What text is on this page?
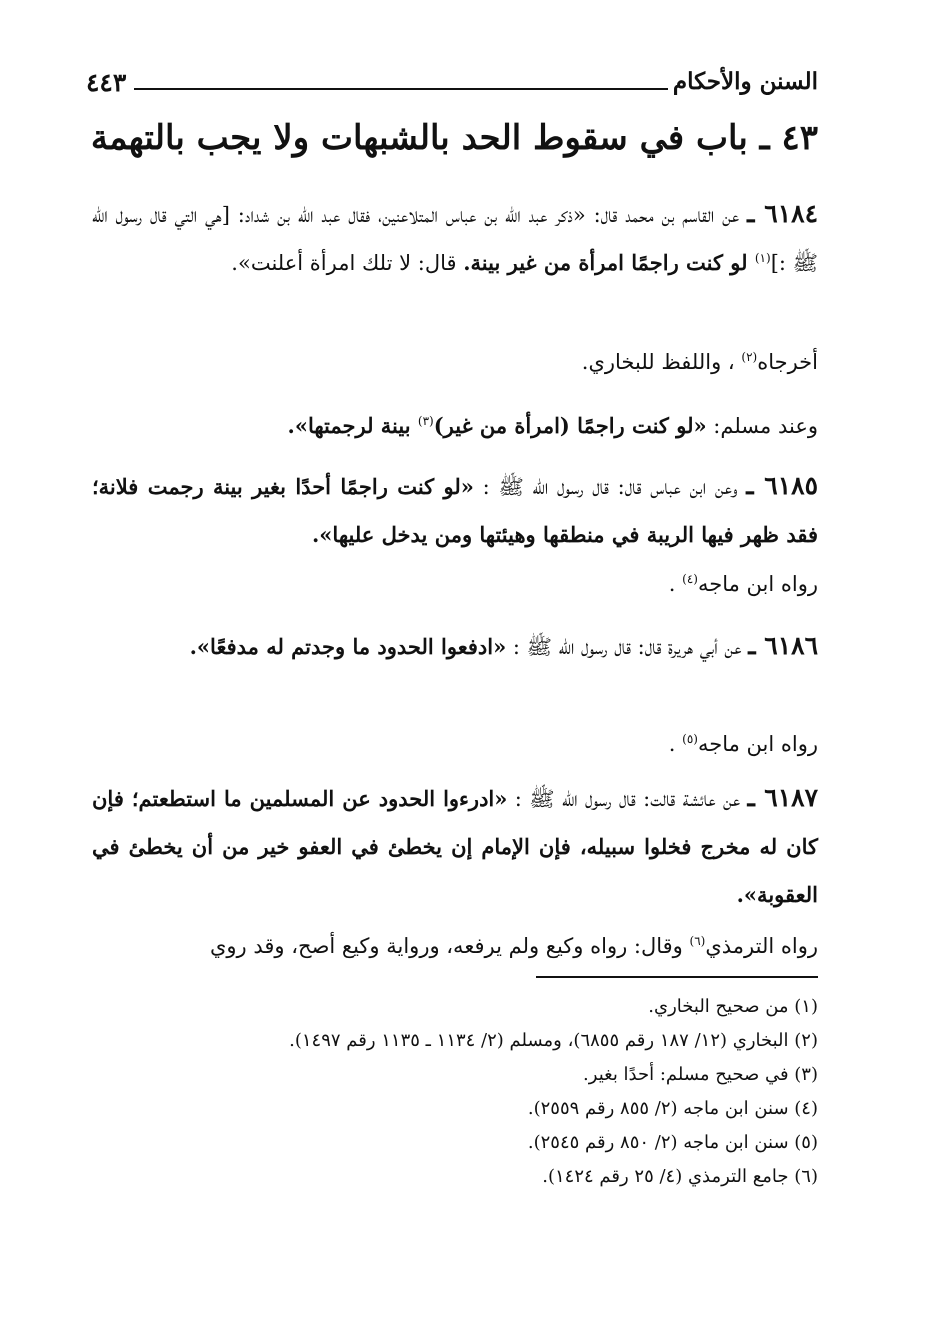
٤٤٣	السنن والأحكام
٤٣ ـ باب في سقوط الحد بالشبهات ولا يجب بالتهمة
٦١٨٤ ـ عن القاسم بن محمد قال: «ذكر عبد الله بن عباس المتلاعنين، فقال عبد الله بن شداد: [هي التي قال رسول الله ﷺ :]$^{(١)}$ لو كنت راجمًا امرأة من غير بينة. قال: لا تلك امرأة أعلنت».
أخرجاه$^{(٢)}$ ، واللفظ للبخاري.
وعند مسلم: «لو كنت راجمًا (امرأة من غير)$^{(٣)}$ بينة لرجمتها».
٦١٨٥ ـ وعن ابن عباس قال: قال رسول الله ﷺ : «لو كنت راجمًا أحدًا بغير بينة رجمت فلانة؛ فقد ظهر فيها الريبة في منطقها وهيئتها ومن يدخل عليها».
رواه ابن ماجه$^{(٤)}$ .
٦١٨٦ ـ عن أبي هريرة قال: قال رسول الله ﷺ : «ادفعوا الحدود ما وجدتم له مدفعًا».
رواه ابن ماجه$^{(٥)}$ .
٦١٨٧ ـ عن عائشة قالت: قال رسول الله ﷺ : «ادرءوا الحدود عن المسلمين ما استطعتم؛ فإن كان له مخرج فخلوا سبيله، فإن الإمام إن يخطئ في العفو خير من أن يخطئ في العقوبة».
رواه الترمذي$^{(٦)}$ وقال: رواه وكيع ولم يرفعه، ورواية وكيع أصح، وقد روي
(١) من صحيح البخاري.
(٢) البخاري (١٢/ ١٨٧ رقم ٦٨٥٥)، ومسلم (٢/ ١١٣٤ ـ ١١٣٥ رقم ١٤٩٧).
(٣) في صحيح مسلم: أحدًا بغير.
(٤) سنن ابن ماجه (٢/ ٨٥٥ رقم ٢٥٥٩).
(٥) سنن ابن ماجه (٢/ ٨٥٠ رقم ٢٥٤٥).
(٦) جامع الترمذي (٤/ ٢٥ رقم ١٤٢٤).
